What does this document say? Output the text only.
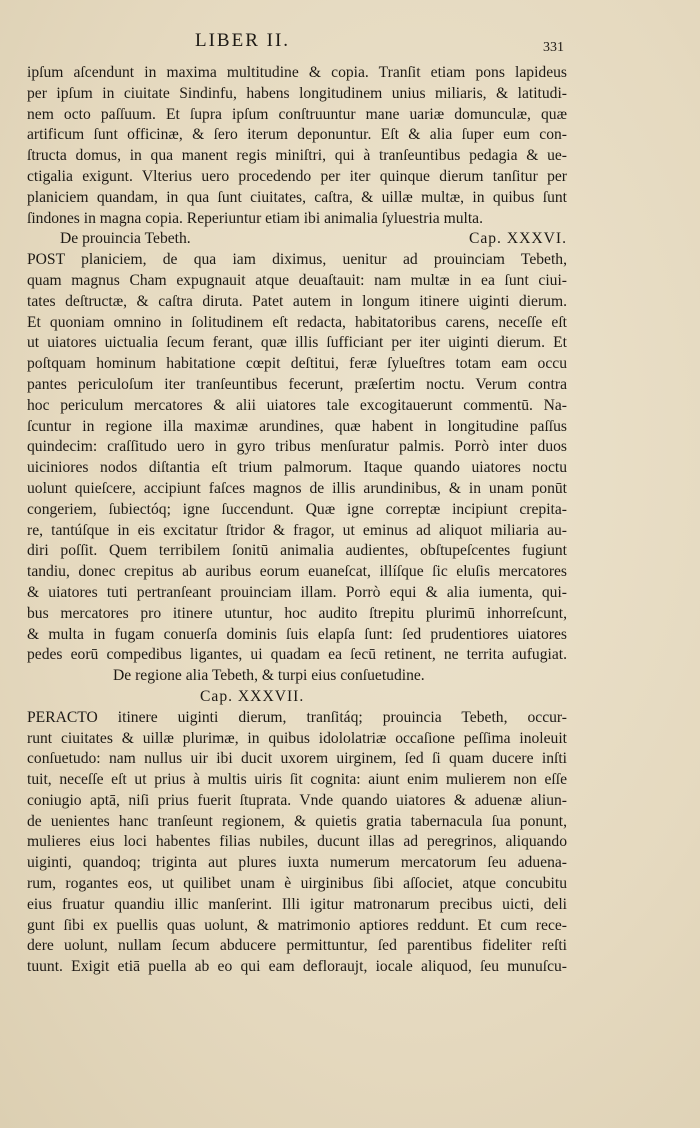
LIBER II.	331
ipſum aſcendunt in maxima multitudine & copia. Tranſit etiam pons lapideus
per ipſum in ciuitate Sindinfu, habens longitudinem unius miliaris, & latitudi-
nem octo paſſuum. Et ſupra ipſum conſtruuntur mane uariæ domunculæ, quæ
artificum ſunt officinæ, & ſero iterum deponuntur. Eſt & alia ſuper eum con-
ſtructa domus, in qua manent regis miniſtri, qui à tranſeuntibus pedagia & ue-
ctigalia exigunt. Vlterius uero procedendo per iter quinque dierum tanſitur per
planiciem quandam, in qua ſunt ciuitates, caſtra, & uillæ multæ, in quibus ſunt
ſindones in magna copia. Reperiuntur etiam ibi animalia ſyluestria multa.
De prouincia Tebeth.	Cap. XXXVI.
POST planiciem, de qua iam diximus, uenitur ad prouinciam Tebeth,
quam magnus Cham expugnauit atque deuaſtauit: nam multæ in ea ſunt ciui-
tates deſtructæ, & caſtra diruta. Patet autem in longum itinere uiginti dierum.
Et quoniam omnino in ſolitudinem eſt redacta, habitatoribus carens, neceſſe eſt
ut uiatores uictualia ſecum ferant, quæ illis ſufficiant per iter uiginti dierum. Et
poſtquam hominum habitatione cœpit deſtitui, feræ ſylueſtres totam eam occu
pantes periculoſum iter tranſeuntibus fecerunt, præſertim noctu. Verum contra
hoc periculum mercatores & alii uiatores tale excogitauerunt commentū. Na-
ſcuntur in regione illa maximæ arundines, quæ habent in longitudine paſſus
quindecim: craſſitudo uero in gyro tribus menſuratur palmis. Porrò inter duos
uiciniores nodos diſtantia eſt trium palmorum. Itaque quando uiatores noctu
uolunt quieſcere, accipiunt faſces magnos de illis arundinibus, & in unam ponūt
congeriem, ſubiectóq; igne ſuccendunt. Quæ igne correptæ incipiunt crepita-
re, tantúſque in eis excitatur ſtridor & fragor, ut eminus ad aliquot miliaria au-
diri poſſit. Quem terribilem ſonitū animalia audientes, obſtupeſcentes fugiunt
tandiu, donec crepitus ab auribus eorum euaneſcat, illíſque ſic eluſis mercatores
& uiatores tuti pertranſeant prouinciam illam. Porrò equi & alia iumenta, qui-
bus mercatores pro itinere utuntur, hoc audito ſtrepitu plurimū inhorreſcunt,
& multa in fugam conuerſa dominis ſuis elapſa ſunt: ſed prudentiores uiatores
pedes eorū compedibus ligantes, ui quadam ea ſecū retinent, ne territa aufugiat.
De regione alia Tebeth, & turpi eius conſuetudine.
Cap. XXXVII.
PERACTO itinere uiginti dierum, tranſitáq; prouincia Tebeth, occur-
runt ciuitates & uillæ plurimæ, in quibus idololatriæ occaſione peſſima inoleuit
conſuetudo: nam nullus uir ibi ducit uxorem uirginem, ſed ſi quam ducere inſti
tuit, neceſſe eſt ut prius à multis uiris ſit cognita: aiunt enim mulierem non eſſe
coniugio aptā, niſi prius fuerit ſtuprata. Vnde quando uiatores & aduenæ aliun-
de uenientes hanc tranſeunt regionem, & quietis gratia tabernacula ſua ponunt,
mulieres eius loci habentes filias nubiles, ducunt illas ad peregrinos, aliquando
uiginti, quandoq; triginta aut plures iuxta numerum mercatorum ſeu aduena-
rum, rogantes eos, ut quilibet unam è uirginibus ſibi aſſociet, atque concubitu
eius fruatur quandiu illic manſerint. Illi igitur matronarum precibus uicti, deli
gunt ſibi ex puellis quas uolunt, & matrimonio aptiores reddunt. Et cum rece-
dere uolunt, nullam ſecum abducere permittuntur, ſed parentibus fideliter reſti
tuunt. Exigit etiā puella ab eo qui eam defloraujt, iocale aliquod, ſeu munuſcu-
